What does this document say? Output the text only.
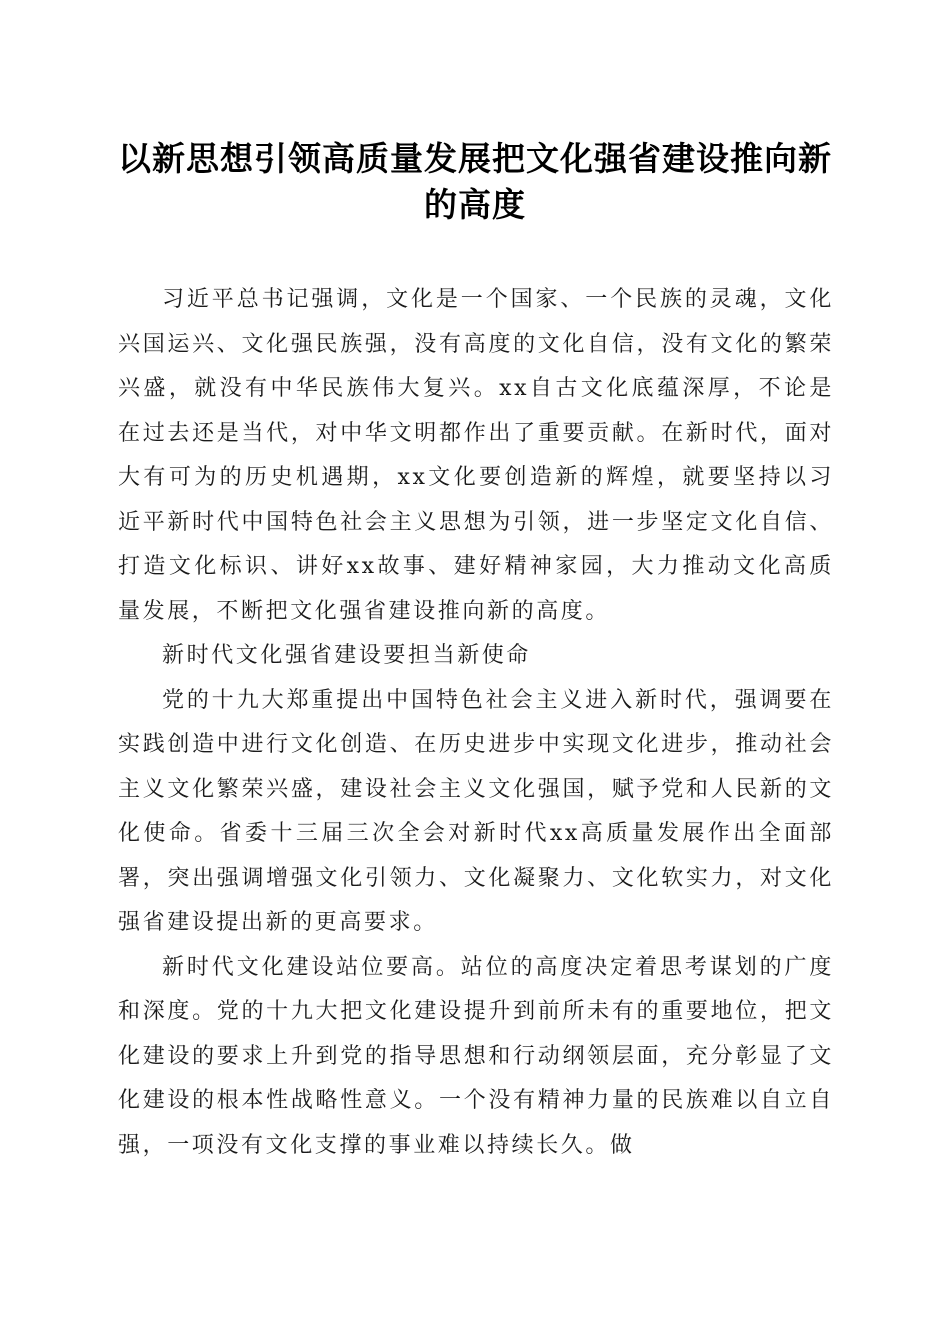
以新思想引领高质量发展把文化强省建设推向新的高度

习近平总书记强调，文化是一个国家、一个民族的灵魂，文化兴国运兴、文化强民族强，没有高度的文化自信，没有文化的繁荣兴盛，就没有中华民族伟大复兴。xx自古文化底蕴深厚，不论是在过去还是当代，对中华文明都作出了重要贡献。在新时代，面对大有可为的历史机遇期，xx文化要创造新的辉煌，就要坚持以习近平新时代中国特色社会主义思想为引领，进一步坚定文化自信、打造文化标识、讲好xx故事、建好精神家园，大力推动文化高质量发展，不断把文化强省建设推向新的高度。

新时代文化强省建设要担当新使命

党的十九大郑重提出中国特色社会主义进入新时代，强调要在实践创造中进行文化创造、在历史进步中实现文化进步，推动社会主义文化繁荣兴盛，建设社会主义文化强国，赋予党和人民新的文化使命。省委十三届三次全会对新时代xx高质量发展作出全面部署，突出强调增强文化引领力、文化凝聚力、文化软实力，对文化强省建设提出新的更高要求。

新时代文化建设站位要高。站位的高度决定着思考谋划的广度和深度。党的十九大把文化建设提升到前所未有的重要地位，把文化建设的要求上升到党的指导思想和行动纲领层面，充分彰显了文化建设的根本性战略性意义。一个没有精神力量的民族难以自立自强，一项没有文化支撑的事业难以持续长久。做
